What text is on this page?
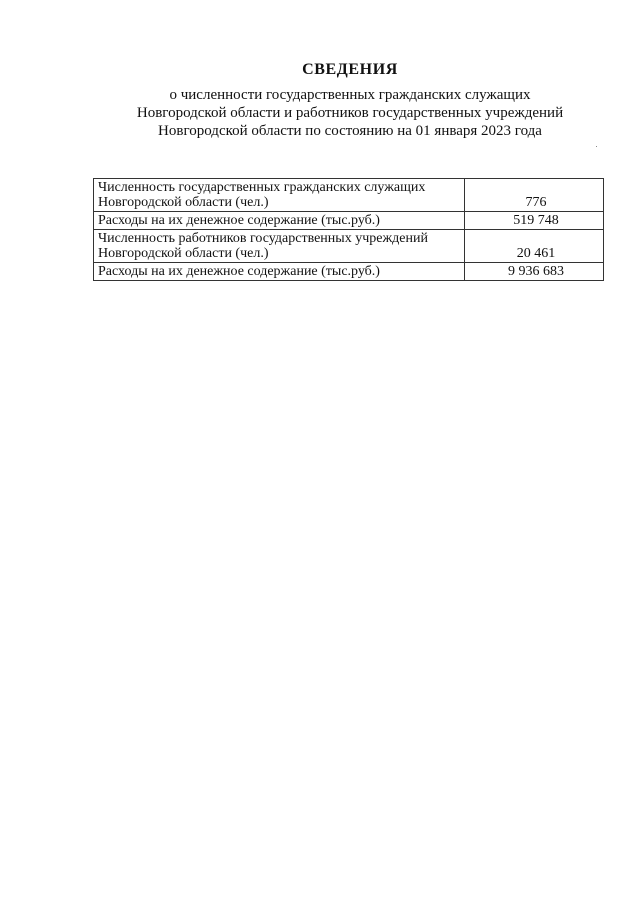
СВЕДЕНИЯ
о численности государственных гражданских служащих
Новгородской области и работников государственных учреждений
Новгородской области по состоянию на 01 января 2023 года
Численность государственных гражданских служащих
Новгородской области (чел.)	776

Расходы на их денежное содержание (тыс.руб.)	519 748

Численность работников государственных учреждений
Новгородской области (чел.)	20 461

Расходы на их денежное содержание (тыс.руб.)	9 936 683
